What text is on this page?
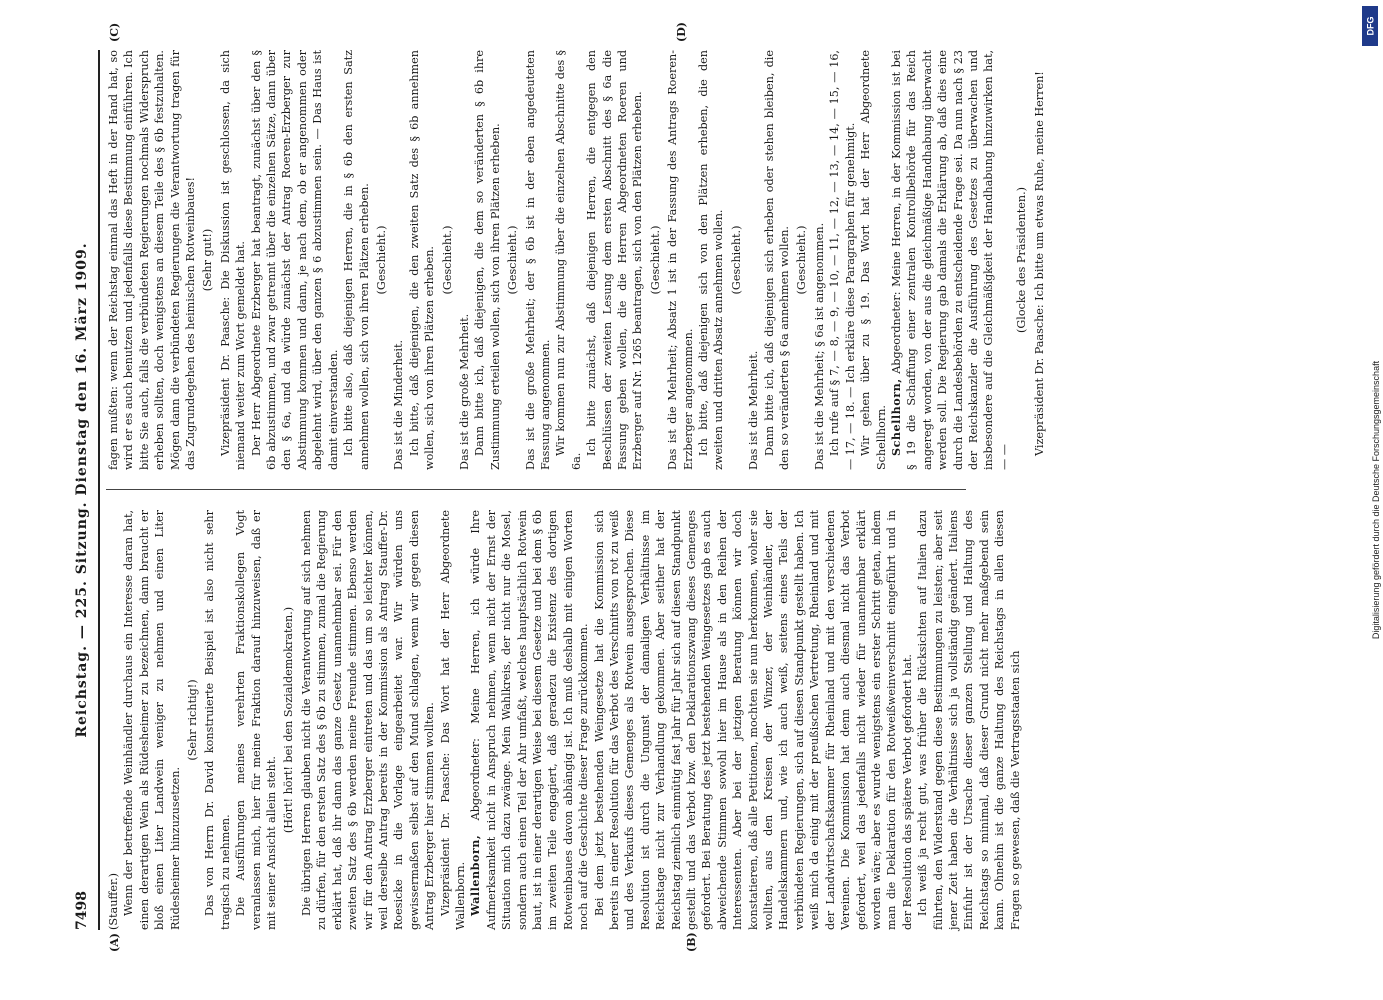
7498
Reichstag. — 225. Sitzung. Dienstag den 16. März 1909.
(A)	(B)
(C)	(D)

(Stauffer.) Wenn der betreffende Weinhändler durchaus ein Interesse daran hat, einen derartigen Wein als Rüdesheimer zu bezeichnen, dann braucht er bloß einen Liter Landwein weniger zu nehmen und einen Liter Rüdesheimer hinzuzusetzen.

(Sehr richtig!) Das von Herrn Dr. David konstruierte Beispiel ist also nicht sehr tragisch zu nehmen. Die Ausführungen meines verehrten Fraktionskollegen Vogt veranlassen mich, hier für meine Fraktion darauf hinzuweisen, daß er mit seiner Ansicht allein steht.

(Hört! hört! bei den Sozialdemokraten.) Die übrigen Herren glauben nicht die Verantwortung auf sich nehmen zu dürfen, für den ersten Satz des § 6b zu stimmen, zumal die Regierung erklärt hat, daß ihr dann das ganze Gesetz unannehmbar sei. Für den zweiten Satz des § 6b werden meine Freunde stimmen. Ebenso werden wir für den Antrag Erzberger eintreten und das um so leichter können, weil derselbe Antrag bereits in der Kommission als Antrag Stauffer-Dr. Roesicke in die Vorlage eingearbeitet war. Wir würden uns gewissermaßen selbst auf den Mund schlagen, wenn wir gegen diesen Antrag Erzberger hier stimmen wollten. Vizepräsident Dr. Paasche: Das Wort hat der Herr Abgeordnete Wallenborn. Wallenborn, Abgeordneter: Meine Herren, ich würde Ihre Aufmerksamkeit nicht in Anspruch nehmen, wenn nicht der Ernst der Situation mich dazu zwänge. Mein Wahlkreis, der nicht nur die Mosel, sondern auch einen Teil der Ahr umfaßt, welches hauptsächlich Rotwein baut, ist in einer derartigen Weise bei diesem Gesetze und bei dem § 6b im zweiten Teile engagiert, daß geradezu die Existenz des dortigen Rotweinbaues davon abhängig ist. Ich muß deshalb mit einigen Worten noch auf die Geschichte dieser Frage zurückkommen. Bei dem jetzt bestehenden Weingesetze hat die Kommission sich bereits in einer Resolution für das Verbot des Verschnitts von rot zu weiß und des Verkaufs dieses Gemenges als Rotwein ausgesprochen. Diese Resolution ist durch die Ungunst der damaligen Verhältnisse im Reichstage nicht zur Verhandlung gekommen. Aber seither hat der Reichstag ziemlich einmütig fast Jahr für Jahr sich auf diesen Standpunkt gestellt und das Verbot bzw. den Deklarationszwang dieses Gemenges gefordert. Bei Beratung des jetzt bestehenden Weingesetzes gab es auch abweichende Stimmen sowohl hier im Hause als in den Reihen der Interessenten. Aber bei der jetzigen Beratung können wir doch konstatieren, daß alle Petitionen, mochten sie nun herkommen, woher sie wollten, aus den Kreisen der Winzer, der Weinhändler, der Handelskammern und, wie ich auch weiß, seitens eines Teils der verbündeten Regierungen, sich auf diesen Standpunkt gestellt haben. Ich weiß mich da einig mit der preußischen Vertretung, Rheinland und mit der Landwirtschaftskammer für Rheinland und mit den verschiedenen Vereinen. Die Kommission hat denn auch diesmal nicht das Verbot gefordert, weil das jedenfalls nicht wieder für unannehmbar erklärt worden wäre; aber es wurde wenigstens ein erster Schritt getan, indem man die Deklaration für den Rotweißweinverschnitt eingeführt und in der Resolution das spätere Verbot gefordert hat. Ich weiß ja recht gut, was früher die Rücksichten auf Italien dazu führten, den Widerstand gegen diese Bestimmungen zu leisten; aber seit jener Zeit haben die Verhältnisse sich ja vollständig geändert. Italiens Einfuhr ist der Ursache dieser ganzen Stellung und Haltung des Reichstags so minimal, daß dieser Grund nicht mehr maßgebend sein kann. Ohnehin ist die ganze Haltung des Reichstags in allen diesen Fragen so gewesen, daß die Vertragsstaaten sich

fagen mußten: wenn der Reichstag einmal das Heft in der Hand hat, so wird er es auch benutzen und jedenfalls diese Bestimmung einführen. Ich bitte Sie auch, falls die verbündeten Regierungen nochmals Widerspruch erheben sollten, doch wenigstens an diesem Teile des § 6b festzuhalten. Mögen dann die verbündeten Regierungen die Verantwortung tragen für das Zugrundegehen des heimischen Rotweinbaues! (Sehr gut!) Vizepräsident Dr. Paasche: Die Diskussion ist geschlossen, da sich niemand weiter zum Wort gemeldet hat. Der Herr Abgeordnete Erzberger hat beantragt, zunächst über den § 6b abzustimmen, und zwar getrennt über die einzelnen Sätze, dann über den § 6a, und da würde zunächst der Antrag Roeren-Erzberger zur Abstimmung kommen und dann, je nach dem, ob er angenommen oder abgelehnt wird, über den ganzen § 6 abzustimmen sein. — Das Haus ist damit einverstanden. Ich bitte also, daß diejenigen Herren, die in § 6b den ersten Satz annehmen wollen, sich von ihren Plätzen erheben. (Geschieht.)

Das ist die Minderheit. Ich bitte, daß diejenigen, die den zweiten Satz des § 6b annehmen wollen, sich von ihren Plätzen erheben. (Geschieht.)

Das ist die große Mehrheit. Dann bitte ich, daß diejenigen, die dem so veränderten § 6b ihre Zustimmung erteilen wollen, sich von ihren Plätzen erheben. (Geschieht.) Das ist die große Mehrheit; der § 6b ist in der eben angedeuteten Fassung angenommen. Wir kommen nun zur Abstimmung über die einzelnen Abschnitte des § 6a.

Ich bitte zunächst, daß diejenigen Herren, die entgegen den Beschlüssen der zweiten Lesung dem ersten Abschnitt des § 6a die Fassung geben wollen, die die Herren Abgeordneten Roeren und Erzberger auf Nr. 1265 beantragen, sich von den Plätzen erheben. (Geschieht.) Das ist die Mehrheit; Absatz 1 ist in der Fassung des Antrags Roeren-Erzberger angenommen. Ich bitte, daß diejenigen sich von den Plätzen erheben, die den zweiten und dritten Absatz annehmen wollen. (Geschieht.)

Das ist die Mehrheit. Dann bitte ich, daß diejenigen sich erheben oder stehen bleiben, die den so veränderten § 6a annehmen wollen. (Geschieht.) Das ist die Mehrheit; § 6a ist angenommen. Ich rufe auf § 7, — 8, — 9, — 10, — 11, — 12, — 13, — 14, — 15, — 16, — 17, — 18. — Ich erkläre diese Paragraphen für genehmigt. Wir gehen über zu § 19. Das Wort hat der Herr Abgeordnete Schellhorn. Schellhorn, Abgeordneter: Meine Herren, in der Kommission ist bei § 19 die Schaffung einer zentralen Kontrollbehörde für das Reich angeregt worden, von der aus die gleichmäßige Handhabung überwacht werden soll. Die Regierung gab damals die Erklärung ab, daß dies eine durch die Landesbehörden zu entscheidende Frage sei. Da nun nach § 23 der Reichskanzler die Ausführung des Gesetzes zu überwachen und insbesondere auf die Gleichmäßigkeit der Handhabung hinzuwirken hat, — —

(Glocke des Präsidenten.) Vizepräsident Dr. Paasche: Ich bitte um etwas Ruhe, meine Herren!

DFG
Digitalisierung gefördert durch die Deutsche Forschungsgemeinschaft
